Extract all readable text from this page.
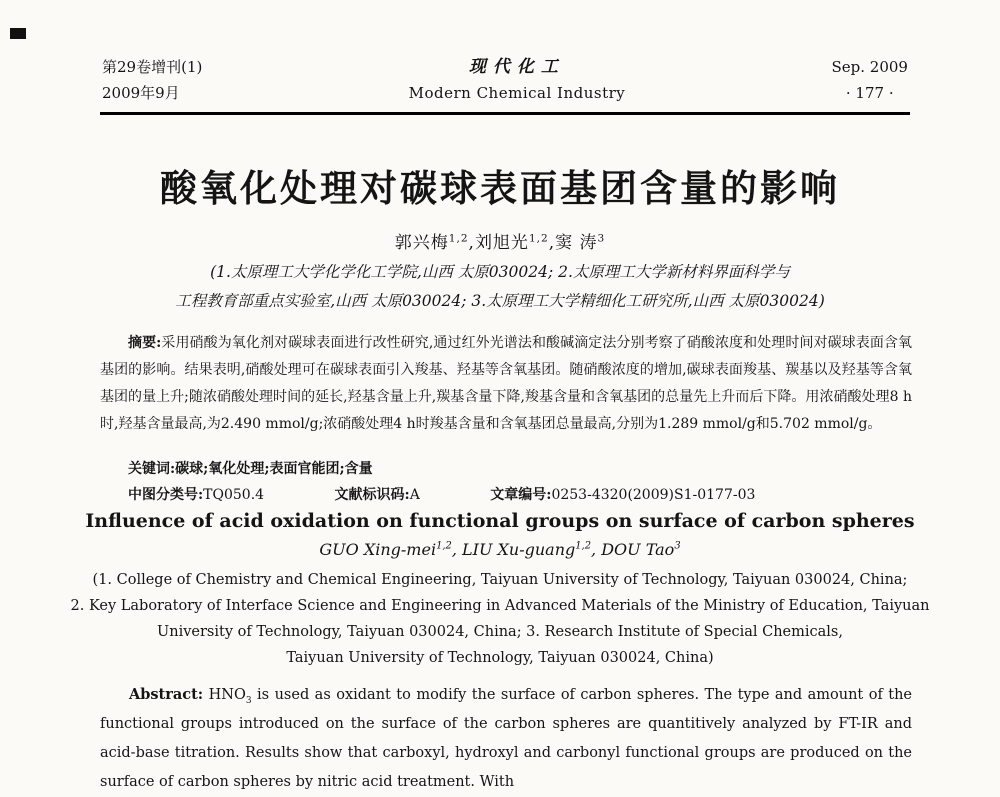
第29卷增刊(1)
2009年9月
现代化工
Modern Chemical Industry
Sep. 2009
· 177 ·
酸氧化处理对碳球表面基团含量的影响
郭兴梅$^{1,2}$,刘旭光$^{1,2}$,窦 涛$^3$
(1.太原理工大学化学化工学院,山西 太原030024; 2.太原理工大学新材料界面科学与
工程教育部重点实验室,山西 太原030024; 3.太原理工大学精细化工研究所,山西 太原030024)

摘要:采用硝酸为氧化剂对碳球表面进行改性研究,通过红外光谱法和酸碱滴定法分别考察了硝酸浓度和处理时间对碳球表面含氧基团的影响。结果表明,硝酸处理可在碳球表面引入羧基、羟基等含氧基团。随硝酸浓度的增加,碳球表面羧基、羰基以及羟基等含氧基团的量上升;随浓硝酸处理时间的延长,羟基含量上升,羰基含量下降,羧基含量和含氧基团的总量先上升而后下降。用浓硝酸处理8 h时,羟基含量最高,为2.490 mmol/g;浓硝酸处理4 h时羧基含量和含氧基团总量最高,分别为1.289 mmol/g和5.702 mmol/g。

关键词:碳球;氧化处理;表面官能团;含量
中图分类号:TQ050.4	文献标识码:A	文章编号:0253-4320(2009)S1-0177-03
Influence of acid oxidation on functional groups on surface of carbon spheres
GUO Xing-mei$^{1,2}$, LIU Xu-guang$^{1,2}$, DOU Tao$^3$
(1. College of Chemistry and Chemical Engineering, Taiyuan University of Technology, Taiyuan 030024, China;
2. Key Laboratory of Interface Science and Engineering in Advanced Materials of the Ministry of Education, Taiyuan
University of Technology, Taiyuan 030024, China; 3. Research Institute of Special Chemicals,
Taiyuan University of Technology, Taiyuan 030024, China)

Abstract: $HNO_3$ is used as oxidant to modify the surface of carbon spheres. The type and amount of the functional groups introduced on the surface of the carbon spheres are quantitively analyzed by FT-IR and acid-base titration. Results show that carboxyl, hydroxyl and carbonyl functional groups are produced on the surface of carbon spheres by nitric acid treatment. With
